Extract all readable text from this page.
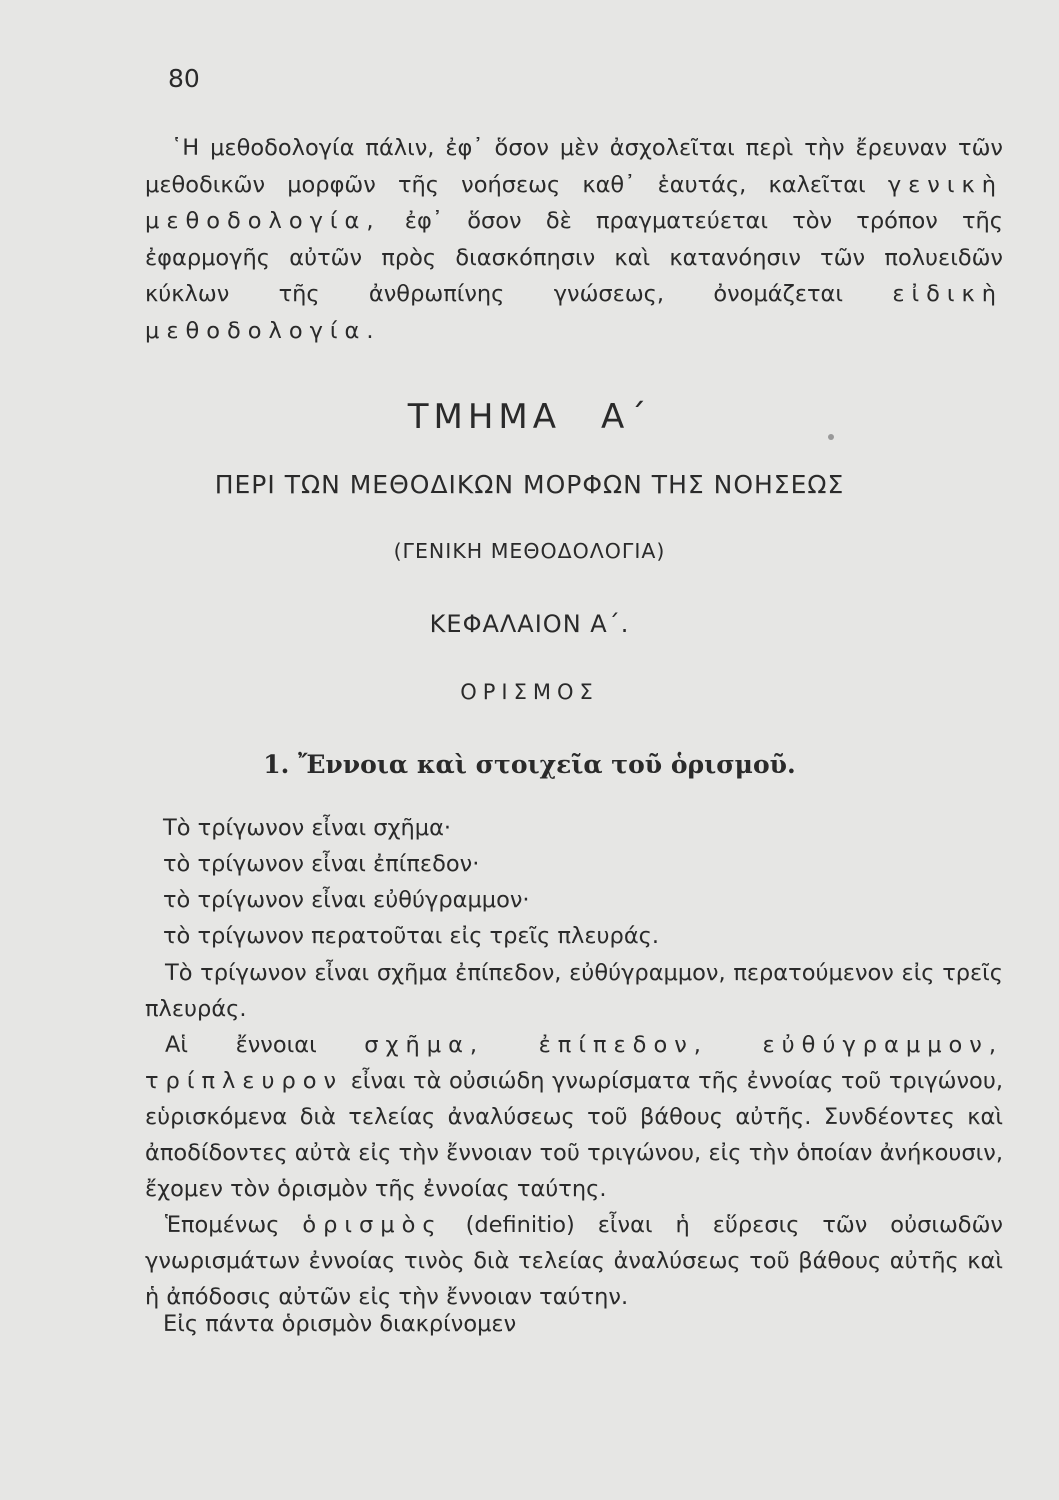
80

῾Η μεθοδολογία πάλιν, ἐφ᾽ ὅσον μὲν ἀσχολεῖται περὶ τὴν ἔρευναν τῶν μεθοδικῶν μορφῶν τῆς νοήσεως καθ᾽ ἑαυτάς, καλεῖται γενικὴ μεθοδολογία, ἐφ᾽ ὅσον δὲ πραγματεύεται τὸν τρόπον τῆς ἐφαρμογῆς αὐτῶν πρὸς διασκόπησιν καὶ κατανόησιν τῶν πολυειδῶν κύκλων τῆς ἀνθρωπίνης γνώσεως, ὀνομάζεται εἰδικὴ μεθοδολογία.

ΤΜΗΜΑ Α΄
ΠΕΡΙ ΤΩΝ ΜΕΘΟΔΙΚΩΝ ΜΟΡΦΩΝ ΤΗΣ ΝΟΗΣΕΩΣ
(ΓΕΝΙΚΗ ΜΕΘΟΔΟΛΟΓΙΑ)
ΚΕΦΑΛΑΙΟΝ Α΄.
ΟΡΙΣΜΟΣ
1. Ἔννοια καὶ στοιχεῖα τοῦ ὁρισμοῦ.
Τὸ τρίγωνον εἶναι σχῆμα·
τὸ τρίγωνον εἶναι ἐπίπεδον·
τὸ τρίγωνον εἶναι εὐθύγραμμον·
τὸ τρίγωνον περατοῦται εἰς τρεῖς πλευράς.

Τὸ τρίγωνον εἶναι σχῆμα ἐπίπεδον, εὐθύγραμμον, περατούμενον εἰς τρεῖς πλευράς.

Αἱ ἔννοιαι σχῆμα, ἐπίπεδον, εὐθύγραμμον, τρίπλευρον εἶναι τὰ οὐσιώδη γνωρίσματα τῆς ἐννοίας τοῦ τριγώνου, εὑρισκόμενα διὰ τελείας ἀναλύσεως τοῦ βάθους αὐτῆς. Συνδέοντες καὶ ἀποδίδοντες αὐτὰ εἰς τὴν ἔννοιαν τοῦ τριγώνου, εἰς τὴν ὁποίαν ἀνήκουσιν, ἔχομεν τὸν ὁρισμὸν τῆς ἐννοίας ταύτης.

Ἑπομένως ὁρισμὸς (definitio) εἶναι ἡ εὕρεσις τῶν οὐσιωδῶν γνωρισμάτων ἐννοίας τινὸς διὰ τελείας ἀναλύσεως τοῦ βάθους αὐτῆς καὶ ἡ ἀπόδοσις αὐτῶν εἰς τὴν ἔννοιαν ταύτην.

Εἰς πάντα ὁρισμὸν διακρίνομεν
